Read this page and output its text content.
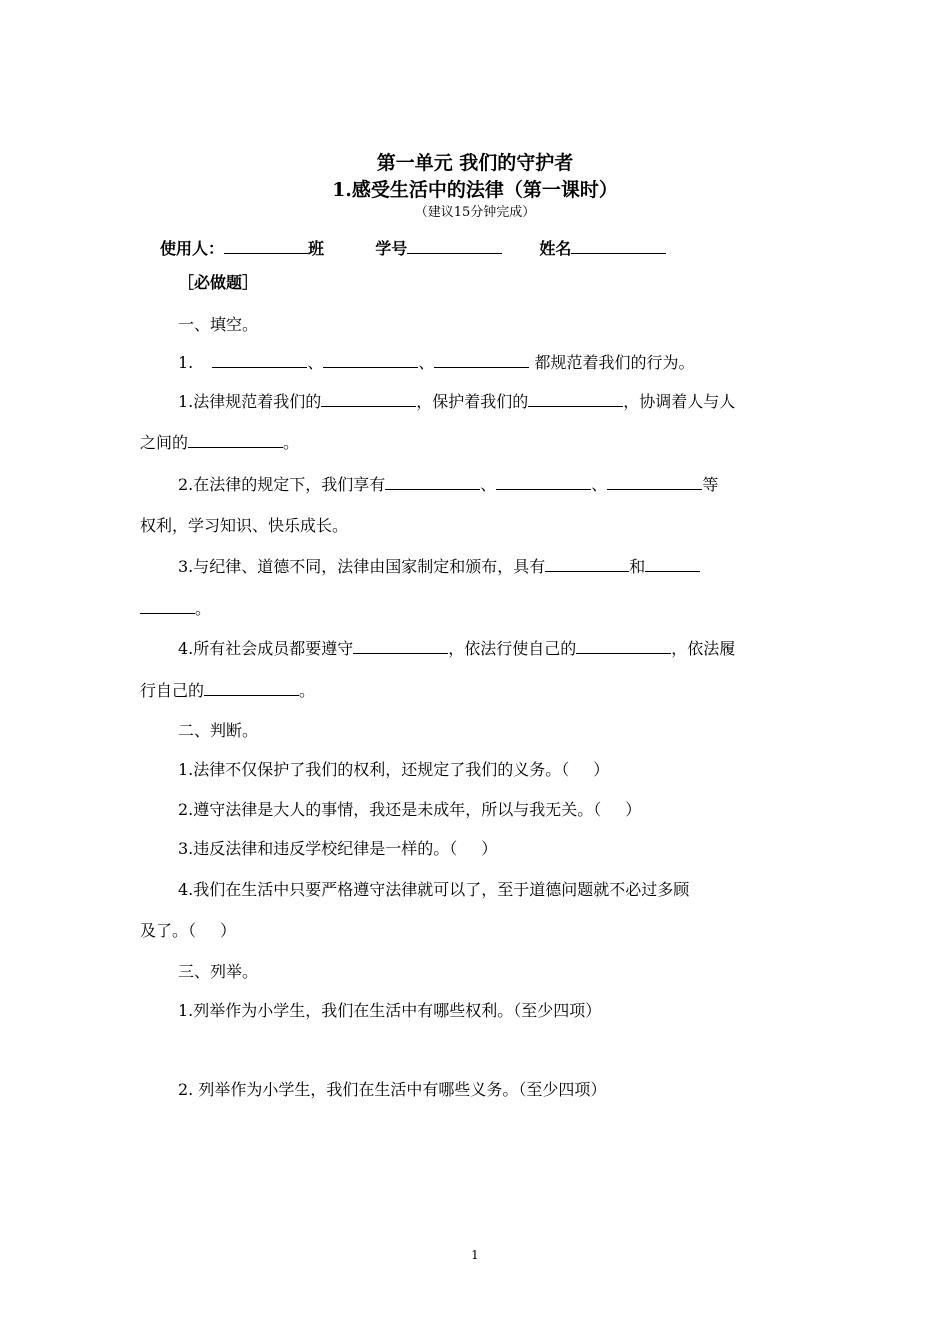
第一单元 我们的守护者
1.感受生活中的法律（第一课时）
（建议15分钟完成）
使用人：	班	学号	姓名
［必做题］
一、填空。
1.	、	、	都规范着我们的行为。
1.法律规范着我们的	，保护着我们的	，协调着人与人
之间的	。
2.在法律的规定下，我们享有	、	、	等
权利，学习知识、快乐成长。
3.与纪律、道德不同，法律由国家制定和颁布，具有	和
。
4.所有社会成员都要遵守	，依法行使自己的	，依法履
行自己的	。
二、判断。
1.法律不仅保护了我们的权利，还规定了我们的义务。（ ）
2.遵守法律是大人的事情，我还是未成年，所以与我无关。（ ）
3.违反法律和违反学校纪律是一样的。（ ）
4.我们在生活中只要严格遵守法律就可以了，至于道德问题就不必过多顾
及了。（ ）
三、列举。
1.列举作为小学生，我们在生活中有哪些权利。（至少四项）
2. 列举作为小学生，我们在生活中有哪些义务。（至少四项）
1
